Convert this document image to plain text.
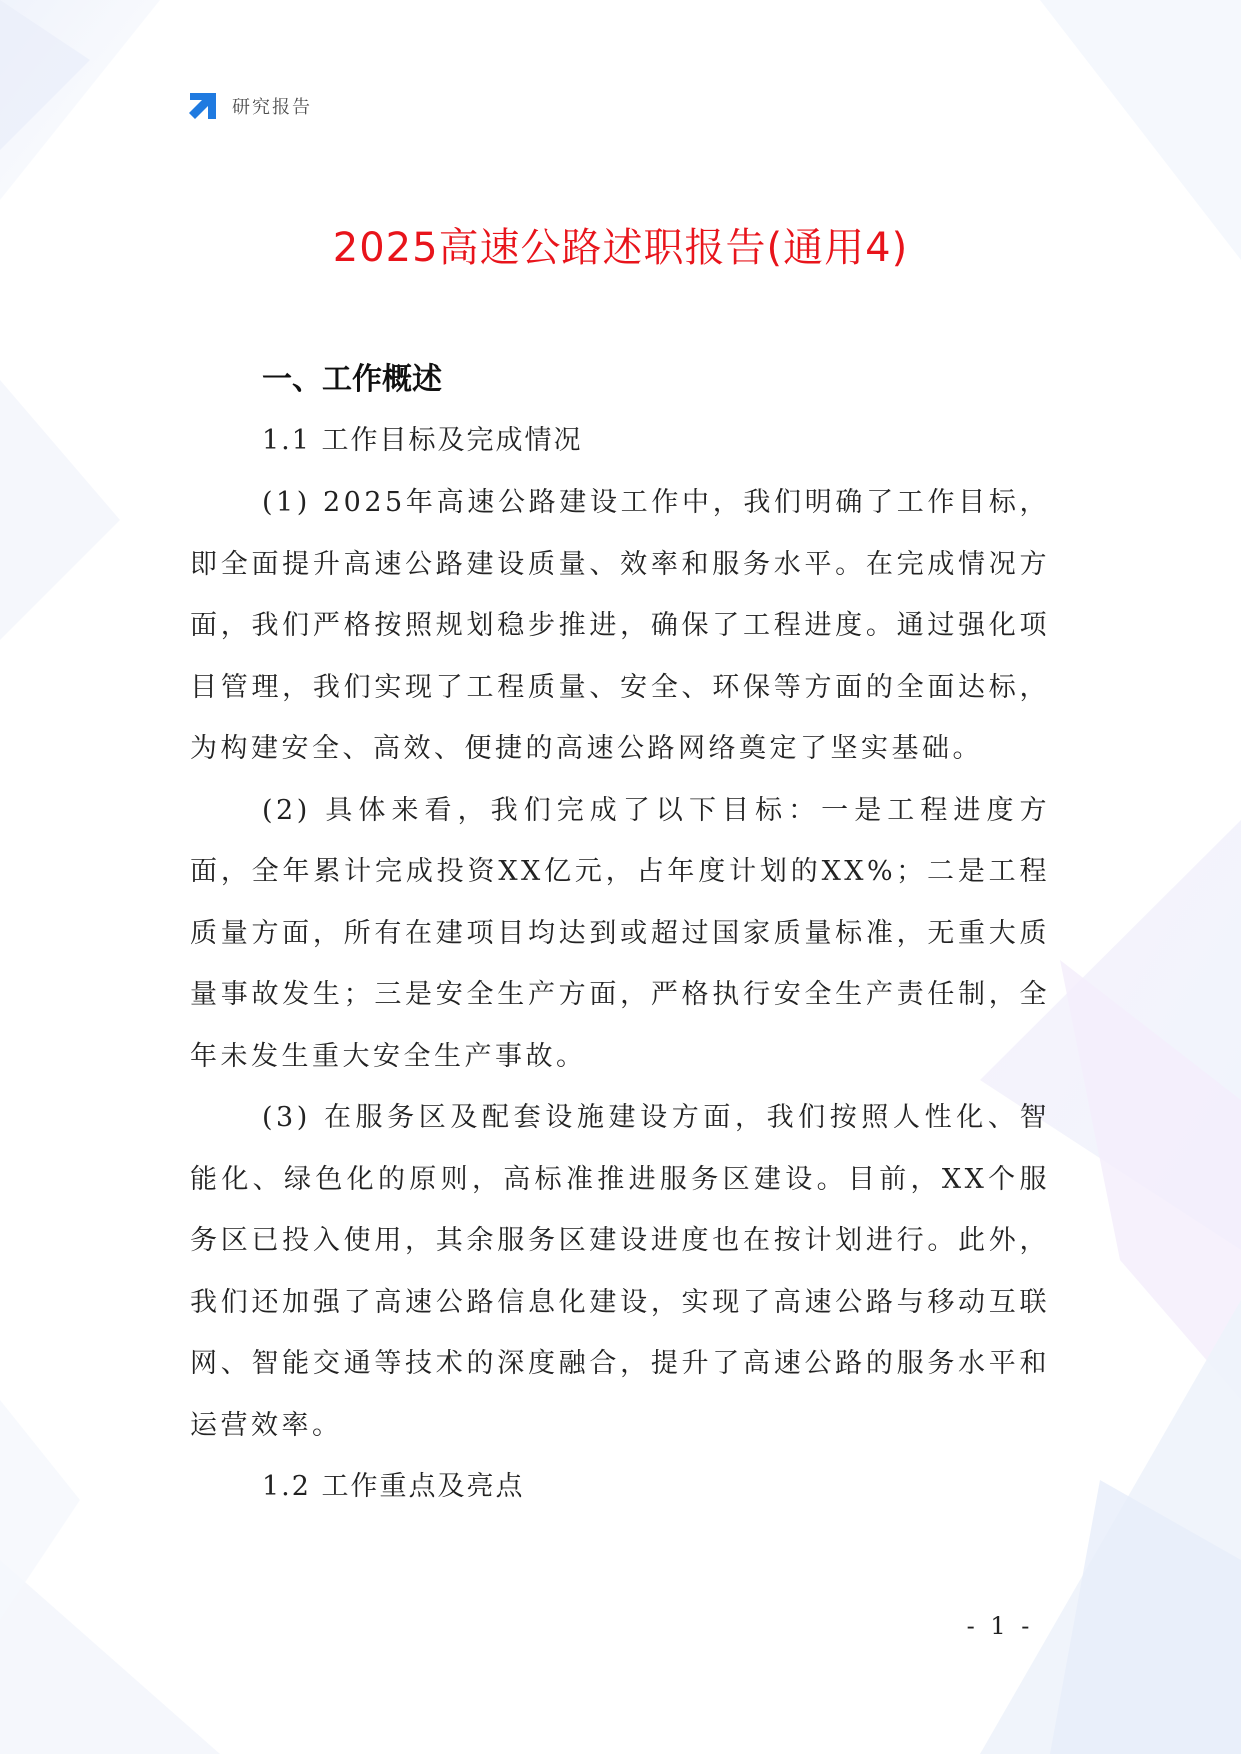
研究报告
2025高速公路述职报告(通用4)
一、工作概述
1.1 工作目标及完成情况

(1) 2025年高速公路建设工作中，我们明确了工作目标，即全面提升高速公路建设质量、效率和服务水平。在完成情况方面，我们严格按照规划稳步推进，确保了工程进度。通过强化项目管理，我们实现了工程质量、安全、环保等方面的全面达标，为构建安全、高效、便捷的高速公路网络奠定了坚实基础。

(2) 具体来看，我们完成了以下目标：一是工程进度方面，全年累计完成投资XX亿元，占年度计划的XX%；二是工程质量方面，所有在建项目均达到或超过国家质量标准，无重大质量事故发生；三是安全生产方面，严格执行安全生产责任制，全年未发生重大安全生产事故。

(3) 在服务区及配套设施建设方面，我们按照人性化、智能化、绿色化的原则，高标准推进服务区建设。目前，XX个服务区已投入使用，其余服务区建设进度也在按计划进行。此外，我们还加强了高速公路信息化建设，实现了高速公路与移动互联网、智能交通等技术的深度融合，提升了高速公路的服务水平和运营效率。

1.2 工作重点及亮点
- 1 -
